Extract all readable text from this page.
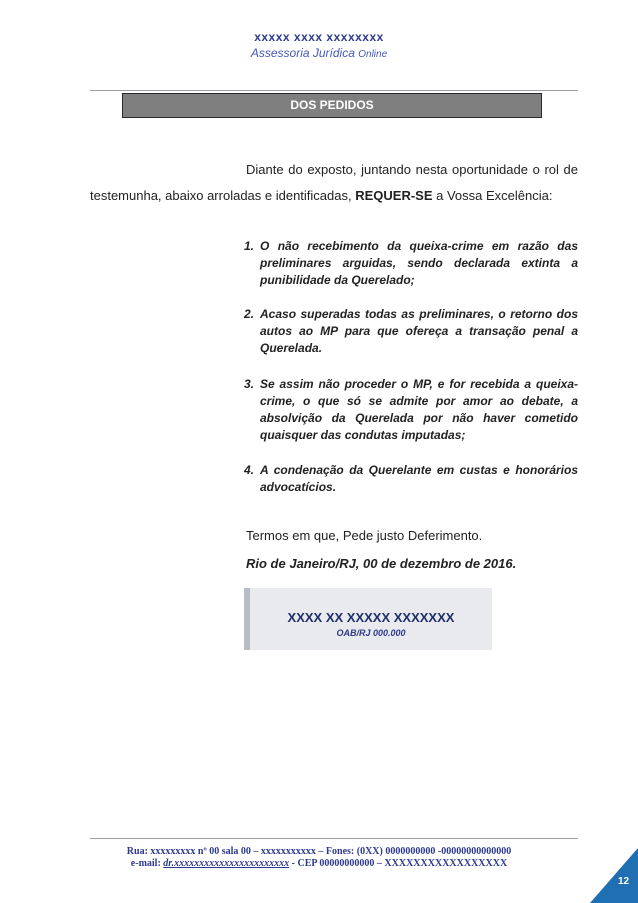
xxxxx xxxx xxxxxxxx
Assessoria Jurídica Online
DOS PEDIDOS
Diante do exposto, juntando nesta oportunidade o rol de
testemunha, abaixo arroladas e identificadas, REQUER-SE a Vossa Excelência:
1. O não recebimento da queixa-crime em razão das preliminares arguidas, sendo declarada extinta a punibilidade da Querelado;
2. Acaso superadas todas as preliminares, o retorno dos autos ao MP para que ofereça a transação penal a Querelada.
3. Se assim não proceder o MP, e for recebida a queixa-crime, o que só se admite por amor ao debate, a absolvição da Querelada por não haver cometido quaisquer das condutas imputadas;
4. A condenação da Querelante em custas e honorários advocatícios.
Termos em que, Pede justo Deferimento.
Rio de Janeiro/RJ, 00 de dezembro de 2016.
XXXX XX XXXXX XXXXXXX
OAB/RJ 000.000
Rua: xxxxxxxxx nº 00 sala 00 – xxxxxxxxxxx – Fones: (0XX) 0000000000 -00000000000000
e-mail: dr.xxxxxxxxxxxxxxxxxxxxxxx - CEP 00000000000 – XXXXXXXXXXXXXXXXX
12
